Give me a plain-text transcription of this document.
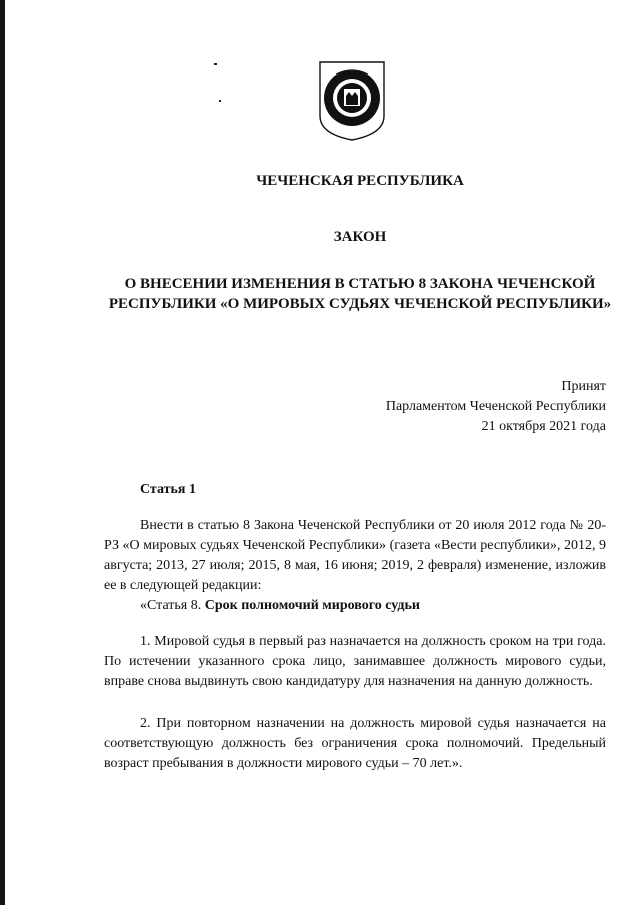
ЧЕЧЕНСКАЯ РЕСПУБЛИКА
ЗАКОН
О ВНЕСЕНИИ ИЗМЕНЕНИЯ В СТАТЬЮ 8 ЗАКОНА ЧЕЧЕНСКОЙ РЕСПУБЛИКИ «О МИРОВЫХ СУДЬЯХ ЧЕЧЕНСКОЙ РЕСПУБЛИКИ»
Принят
Парламентом Чеченской Республики
21 октября 2021 года
Статья 1
Внести в статью 8 Закона Чеченской Республики от 20 июля 2012 года № 20-РЗ «О мировых судьях Чеченской Республики» (газета «Вести республики», 2012, 9 августа; 2013, 27 июля; 2015, 8 мая, 16 июня; 2019, 2 февраля) изменение, изложив ее в следующей редакции:
«Статья 8. Срок полномочий мирового судьи
1. Мировой судья в первый раз назначается на должность сроком на три года. По истечении указанного срока лицо, занимавшее должность мирового судьи, вправе снова выдвинуть свою кандидатуру для назначения на данную должность.
2. При повторном назначении на должность мировой судья назначается на соответствующую должность без ограничения срока полномочий. Предельный возраст пребывания в должности мирового судьи – 70 лет.».
